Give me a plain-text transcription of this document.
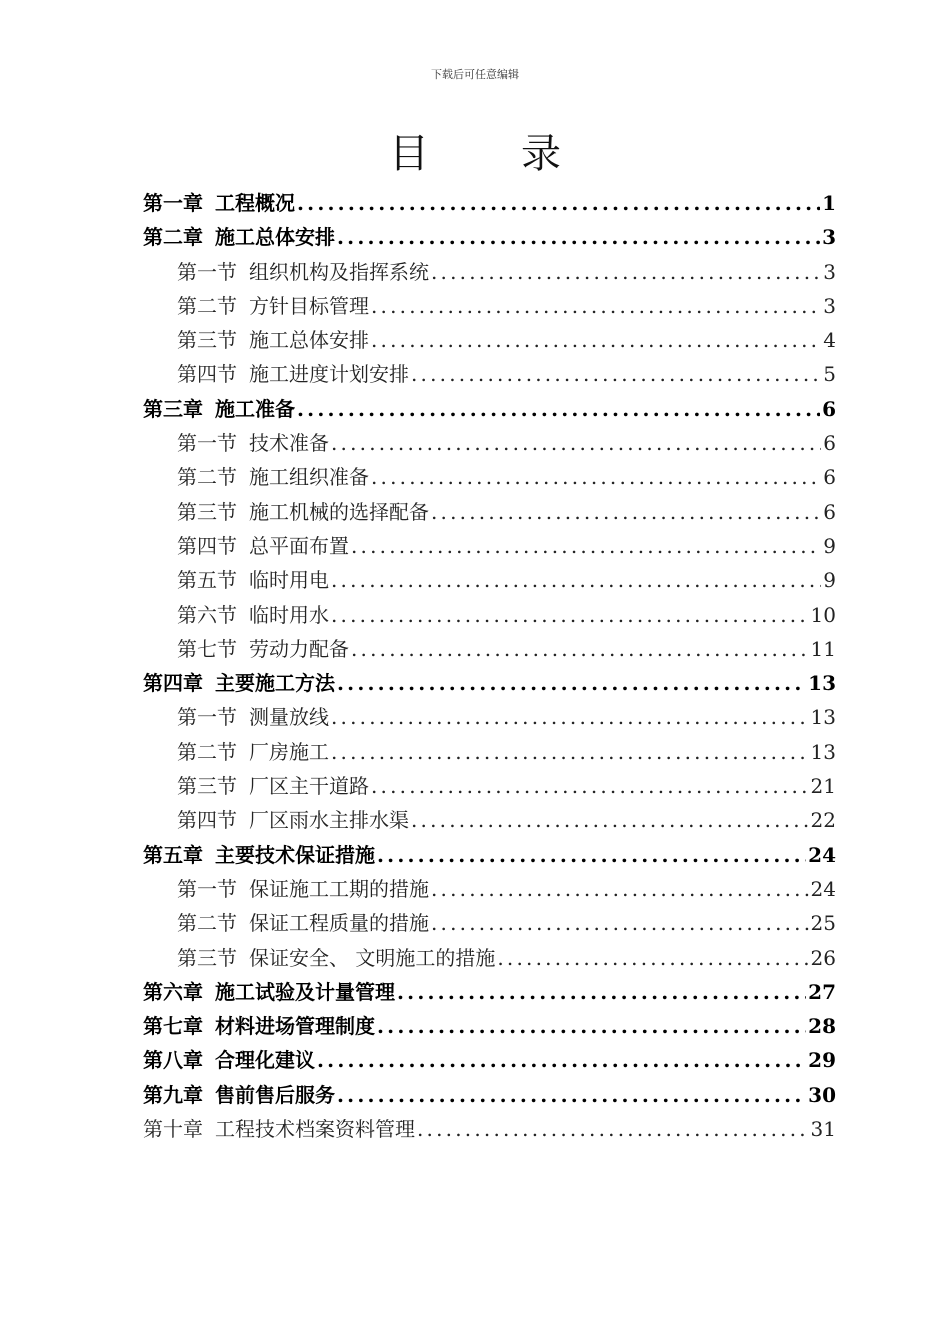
下载后可任意编辑
目 录
第一章 工程概况 .....	1
第二章 施工总体安排 .....	3
第一节 组织机构及指挥系统 .....	3
第二节 方针目标管理 .....	3
第三节 施工总体安排 .....	4
第四节 施工进度计划安排 .....	5
第三章 施工准备 .....	6
第一节 技术准备 .....	6
第二节 施工组织准备 .....	6
第三节 施工机械的选择配备 .....	6
第四节 总平面布置 .....	9
第五节 临时用电 .....	9
第六节 临时用水 .....	10
第七节 劳动力配备 .....	11
第四章 主要施工方法 .....	13
第一节 测量放线 .....	13
第二节 厂房施工 .....	13
第三节 厂区主干道路 .....	21
第四节 厂区雨水主排水渠 .....	22
第五章 主要技术保证措施 .....	24
第一节 保证施工工期的措施 .....	24
第二节 保证工程质量的措施 .....	25
第三节 保证安全、 文明施工的措施 .....	26
第六章 施工试验及计量管理 .....	27
第七章 材料进场管理制度 .....	28
第八章 合理化建议 .....	29
第九章 售前售后服务 .....	30
第十章 工程技术档案资料管理 .....	31
